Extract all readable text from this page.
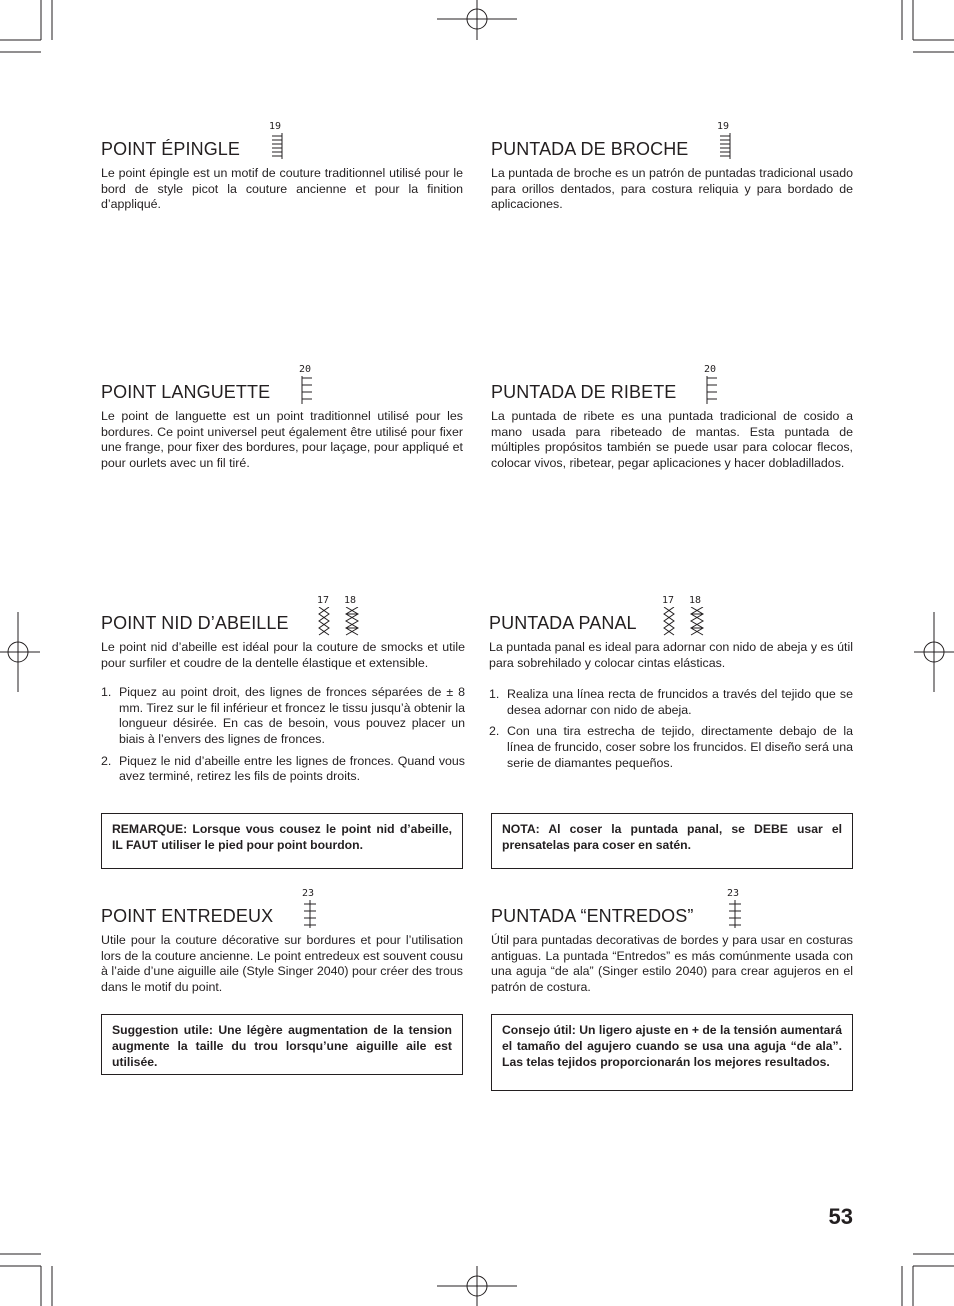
POINT ÉPINGLE
19
Le point épingle est un motif de couture traditionnel utilisé pour le bord de style picot la couture ancienne et pour la finition d’appliqué.
PUNTADA DE BROCHE
19
La puntada de broche es un patrón de puntadas tradicional usado para orillos dentados, para costura reliquia y para bordado de aplicaciones.
POINT LANGUETTE
20
Le point de languette est un point traditionnel utilisé pour les bordures. Ce point universel peut également être utilisé pour fixer une frange, pour fixer des bordures, pour laçage, pour appliqué et pour ourlets avec un fil tiré.
PUNTADA DE RIBETE
20
La puntada de ribete es una puntada tradicional de cosido a mano usada para ribeteado de mantas. Esta puntada de múltiples propósitos también se puede usar para colocar flecos, colocar vivos, ribetear, pegar aplicaciones y hacer dobladillados.
POINT NID D’ABEILLE
17 18
Le point nid d’abeille est idéal pour la couture de smocks et utile pour surfiler et coudre de la dentelle élastique et extensible.
1. Piquez au point droit, des lignes de fronces séparées de ± 8 mm. Tirez sur le fil inférieur et froncez le tissu jusqu’à obtenir la longueur désirée. En cas de besoin, vous pouvez placer un biais à l’envers des lignes de fronces.
2. Piquez le nid d’abeille entre les lignes de fronces. Quand vous avez terminé, retirez les fils de points droits.
REMARQUE: Lorsque vous cousez le point nid d’abeille, IL FAUT utiliser le pied pour point bourdon.
PUNTADA PANAL
17 18
La puntada panal es ideal para adornar con nido de abeja y es útil para sobrehilado y colocar cintas elásticas.
1. Realiza una línea recta de fruncidos a través del tejido que se desea adornar con nido de abeja.
2. Con una tira estrecha de tejido, directamente debajo de la línea de fruncido, coser sobre los fruncidos. El diseño será una serie de diamantes pequeños.
NOTA: Al coser la puntada panal, se DEBE usar el prensatelas para coser en satén.
POINT ENTREDEUX
23
Utile pour la couture décorative sur bordures et pour l’utilisation lors de la couture ancienne. Le point entredeux est souvent cousu à l’aide d’une aiguille aile (Style Singer 2040) pour créer des trous dans le motif du point.
Suggestion utile: Une légère augmentation de la tension augmente la taille du trou lorsqu’une aiguille aile est utilisée.
PUNTADA “ENTREDOS”
23
Útil para puntadas decorativas de bordes y para usar en costuras antiguas. La puntada “Entredos” es más comúnmente usada con una aguja “de ala” (Singer estilo 2040) para crear agujeros en el patrón de costura.
Consejo útil: Un ligero ajuste en + de la tensión aumentará el tamaño del agujero cuando se usa una aguja “de ala”. Las telas tejidos proporcionarán los mejores resultados.
53
